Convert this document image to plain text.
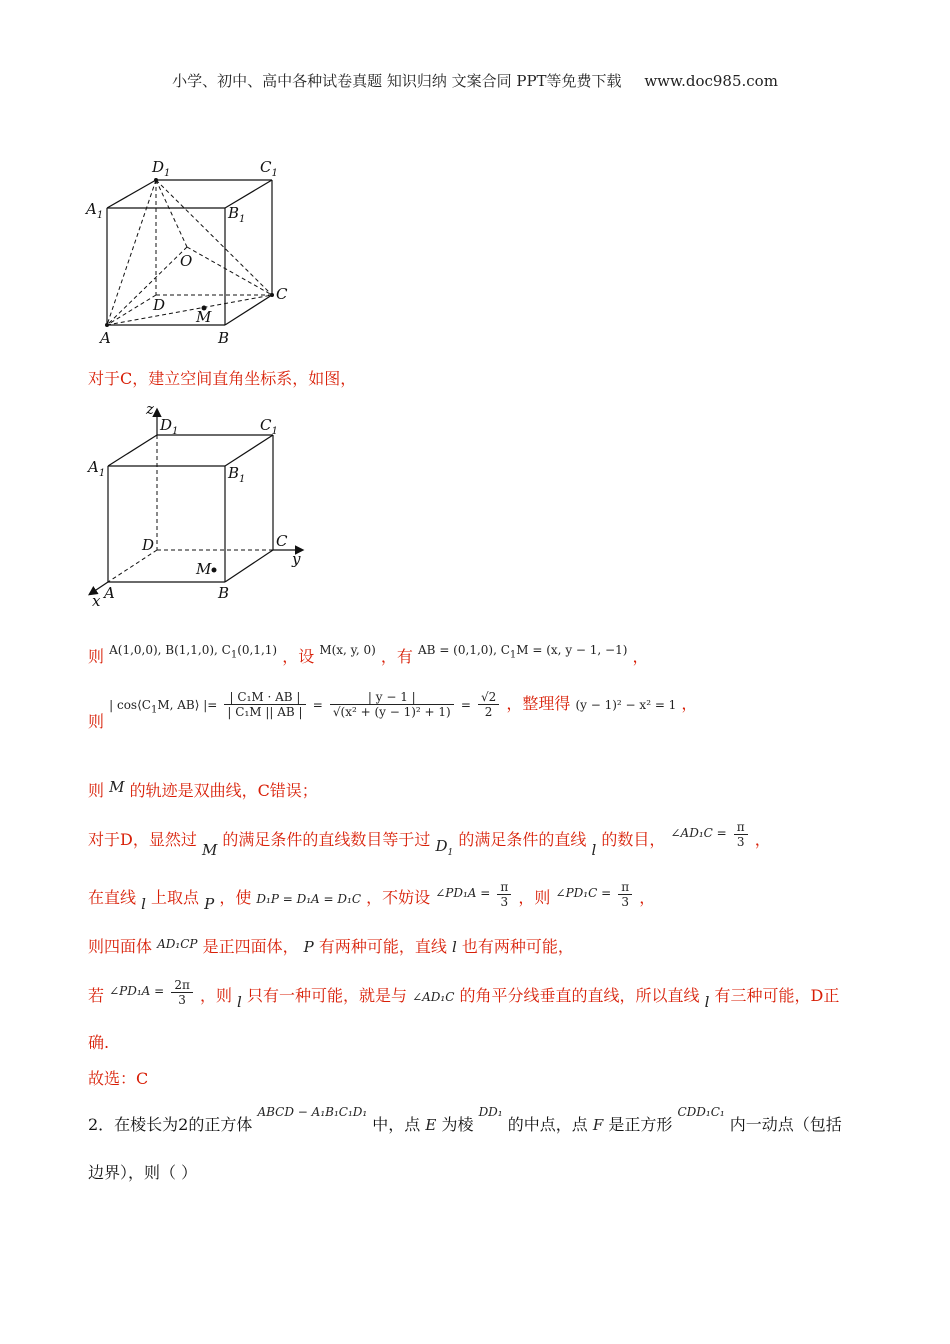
小学、初中、高中各种试卷真题 知识归纳 文案合同 PPT等免费下载 www.doc985.com
$D_1$	$C_1$
$A_1$	$B_1$
O
D
C
M
A	B
对于C，建立空间直角坐标系，如图，
z
y
x
$D_1$	$C_1$
$A_1$	$B_1$
D	C
M
A	B
则 $^{A(1,0,0), B(1,1,0), C_1(0,1,1)}$ ，设 $^{M(x, y, 0)}$ ，有 $^{AB = (0,1,0), C_1M = (x, y - 1, -1)}$ ，
则 | $\cos⟨C_1M$, AB⟩ |= $\frac{\text{| C₁M · AB |}}{\text{| C₁M || AB |}} = \frac{| y - 1 |}{\text{√(x² + (y − 1)² + 1)}} = \frac{√2}{2}$ ，整理得 (y − 1)² − x² = 1 ，
则 M 的轨迹是双曲线，C错误；
对于D，显然过 M 的满足条件的直线数目等于过 $D_1$ 的满足条件的直线 l 的数目， $^{\angle AD_1C =} \frac{\pi}{3}$ ，
在直线 l 上取点 P ，使 D₁P = D₁A = D₁C ，不妨设 $^{\angle PD_1A =} \frac{\pi}{3}$ ，则 $^{\angle PD_1C =} \frac{\pi}{3}$ ，
则四面体 $^{AD_1CP}$ 是正四面体， P 有两种可能，直线 l 也有两种可能，
若 $^{\angle PD_1A =} \frac{2\pi}{3}$ ，则 l 只有一种可能，就是与 ∠AD₁C 的角平分线垂直的直线，所以直线 l 有三种可能，D正
确.
故选：C
2．在棱长为2的正方体 $^{ABCD - A_1B_1C_1D_1}$ 中，点 E 为棱 $^{DD_1}$ 的中点，点 F 是正方形 $^{CDD_1C_1}$ 内一动点（包括
边界），则（ ）
